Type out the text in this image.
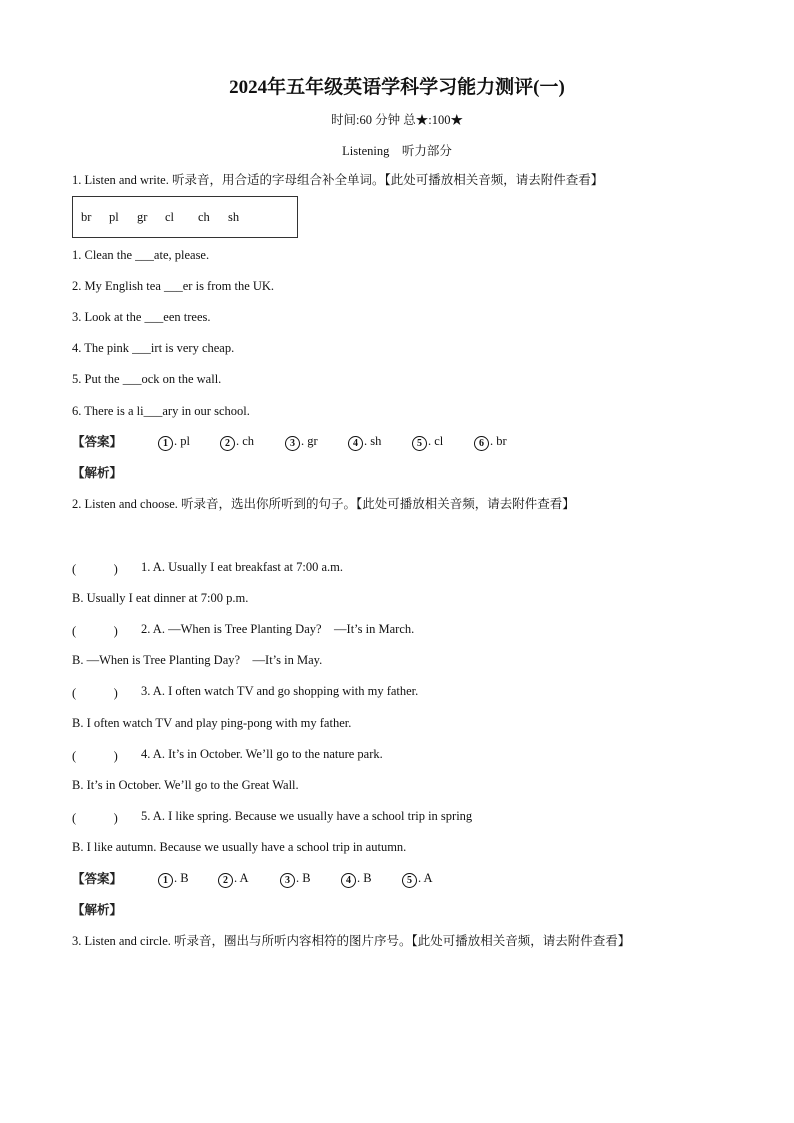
2024年五年级英语学科学习能力测评(一)
时间:60 分钟 总★:100★
Listening　听力部分
1. Listen and write. 听录音，用合适的字母组合补全单词。【此处可播放相关音频，请去附件查看】
br pl gr cl ch sh
1. Clean the ___ate, please.
2. My English tea ___er is from the UK.
3. Look at the ___een trees.
4. The pink ___irt is very cheap.
5. Put the ___ock on the wall.
6. There is a li___ary in our school.
【答案】	1 . pl	2 . ch	3 . gr	4 . sh	5 . cl	6 . br
【解析】
2. Listen and choose. 听录音，选出你所听到的句子。【此处可播放相关音频，请去附件查看】
(　　　) 1. A. Usually I eat breakfast at 7:00 a.m.
B. Usually I eat dinner at 7:00 p.m.
(　　　) 2. A. —When is Tree Planting Day?　—It’s in March.
B. —When is Tree Planting Day?　—It’s in May.
(　　　) 3. A. I often watch TV and go shopping with my father.
B. I often watch TV and play ping-pong with my father.
(　　　) 4. A. It’s in October. We’ll go to the nature park.
B. It’s in October. We’ll go to the Great Wall.
(　　　) 5. A. I like spring. Because we usually have a school trip in spring
B. I like autumn. Because we usually have a school trip in autumn.
【答案】	1 . B	2 . A	3 . B	4 . B	5 . A
【解析】
3. Listen and circle. 听录音，圈出与所听内容相符的图片序号。【此处可播放相关音频，请去附件查看】
